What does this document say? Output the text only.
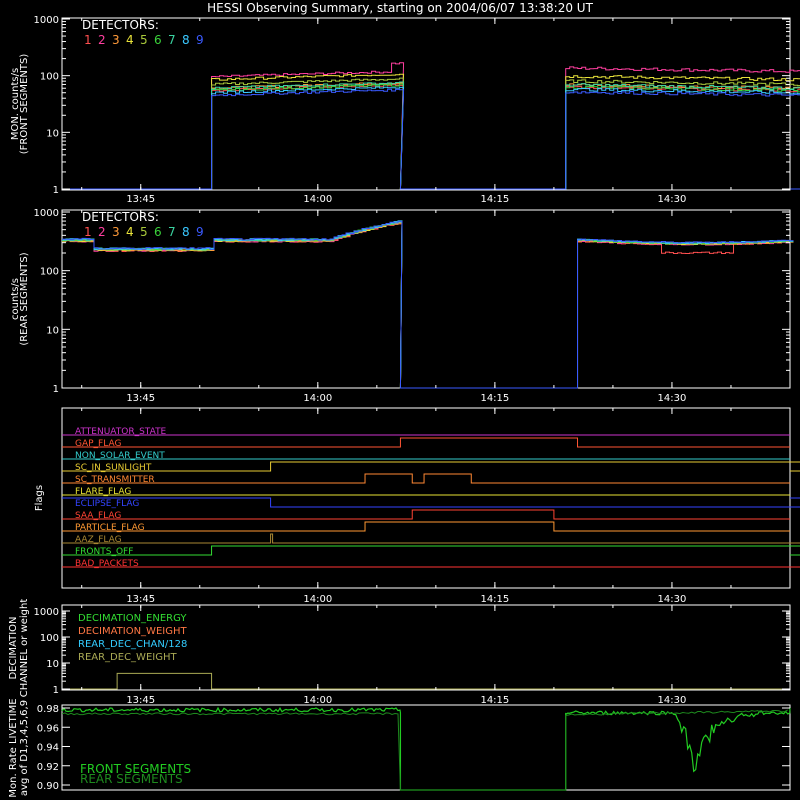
HESSI Observing Summary, starting on 2004/06/07 13:38:20 UT
MON. counts/s
(FRONT SEGMENTS)
DETECTORS:
1 2 3 4 5 6 7 8 9
1
10
100
1000
13:45	14:00	14:15	14:30
counts/s
(REAR SEGMENTS)
DETECTORS:
1 2 3 4 5 6 7 8 9
1
10
100
1000
13:45	14:00	14:15	14:30
ATTENUATOR_STATE
GAP_FLAG
NON_SOLAR_EVENT
SC_IN_SUNLIGHT
SC_TRANSMITTER
FLARE_FLAG
ECLIPSE_FLAG
SAA_FLAG
PARTICLE_FLAG
AAZ_FLAG
FRONTS_OFF
BAD_PACKETS
Flags
13:45	14:00	14:15	14:30
DECIMATION CHANNEL or weight	DECIMATION_ENERGY
DECIMATION_WEIGHT
REAR_DEC_CHAN/128
REAR_DEC_WEIGHT
1
10
100
1000
13:45	14:00	14:15	14:30
Mon. Rate LIVETIME avg of D1,3,4,5,6,9 0.90
0.92
0.94
0.96
0.98
FRONT SEGMENTS
REAR SEGMENTS
